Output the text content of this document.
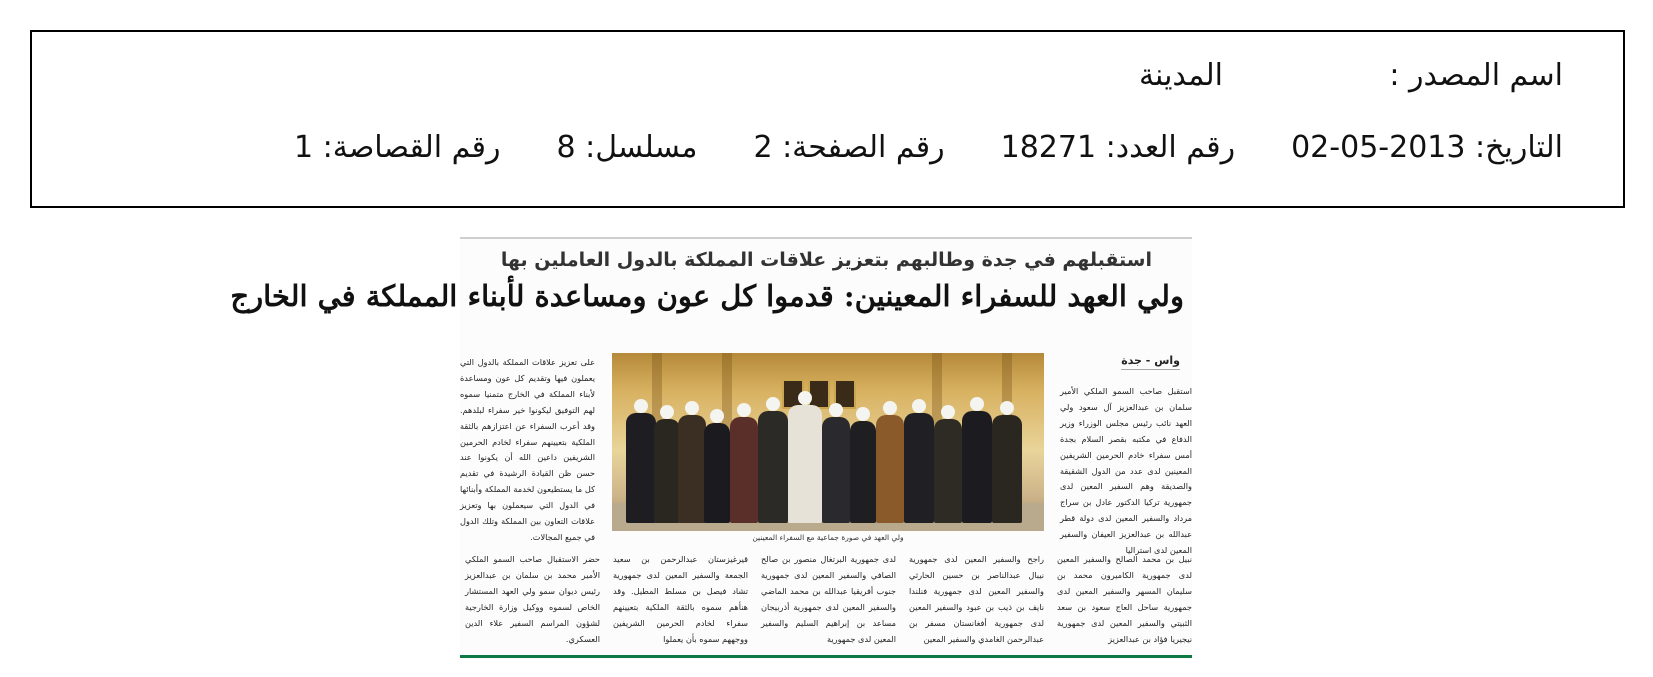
اسم المصدر :
المدينة
التاريخ: 2013-05-02
رقم العدد: 18271
رقم الصفحة: 2
مسلسل: 8
رقم القصاصة: 1
استقبلهم في جدة وطالبهم بتعزيز علاقات المملكة بالدول العاملين بها
ولي العهد للسفراء المعينين: قدموا كل عون ومساعدة لأبناء المملكة في الخارج
واس - جدة
استقبل صاحب السمو الملكي الأمير سلمان بن عبدالعزيز آل سعود ولي العهد نائب رئيس مجلس الوزراء وزير الدفاع في مكتبه بقصر السلام بجدة أمس سفراء خادم الحرمين الشريفين المعينين لدى عدد من الدول الشقيقة والصديقة وهم السفير المعين لدى جمهورية تركيا الدكتور عادل بن سراج مرداد والسفير المعين لدى دولة قطر عبدالله بن عبدالعزيز العيفان والسفير المعين لدى استراليا
على تعزيز علاقات المملكة بالدول التي يعملون فيها وتقديم كل عون ومساعدة لأبناء المملكة في الخارج متمنيا سموه لهم التوفيق ليكونوا خير سفراء لبلدهم. وقد أعرب السفراء عن اعتزازهم بالثقة الملكية بتعيينهم سفراء لخادم الحرمين الشريفين داعين الله أن يكونوا عند حسن ظن القيادة الرشيدة في تقديم كل ما يستطيعون لخدمة المملكة وأبنائها في الدول التي سيعملون بها وتعزيز علاقات التعاون بين المملكة وتلك الدول في جميع المجالات.	ولي العهد في صورة جماعية مع السفراء المعينين
نبيل بن محمد الصالح والسفير المعين لدى جمهورية الكاميرون محمد بن سليمان المسهر والسفير المعين لدى جمهورية ساحل العاج سعود بن سعد الثبيتي والسفير المعين لدى جمهورية نيجيريا فؤاد بن عبدالعزيز
راجح والسفير المعين لدى جمهورية نيبال عبدالناصر بن حسين الحارثي والسفير المعين لدى جمهورية فنلندا نايف بن ذيب بن عبود والسفير المعين لدى جمهورية أفغانستان مسفر بن عبدالرحمن الغامدي والسفير المعين
لدى جمهورية البرتغال منصور بن صالح الصافي والسفير المعين لدى جمهورية جنوب أفريقيا عبدالله بن محمد الماضي والسفير المعين لدى جمهورية أذربيجان مساعد بن إبراهيم السليم والسفير المعين لدى جمهورية
قيرغيزستان عبدالرحمن بن سعيد الجمعة والسفير المعين لدى جمهورية تشاد فيصل بن مسلط المطيل. وقد هنأهم سموه بالثقة الملكية بتعيينهم سفراء لخادم الحرمين الشريفين ووجههم سموه بأن يعملوا
حضر الاستقبال صاحب السمو الملكي الأمير محمد بن سلمان بن عبدالعزيز رئيس ديوان سمو ولي العهد المستشار الخاص لسموه ووكيل وزارة الخارجية لشؤون المراسم السفير علاء الدين العسكري.
